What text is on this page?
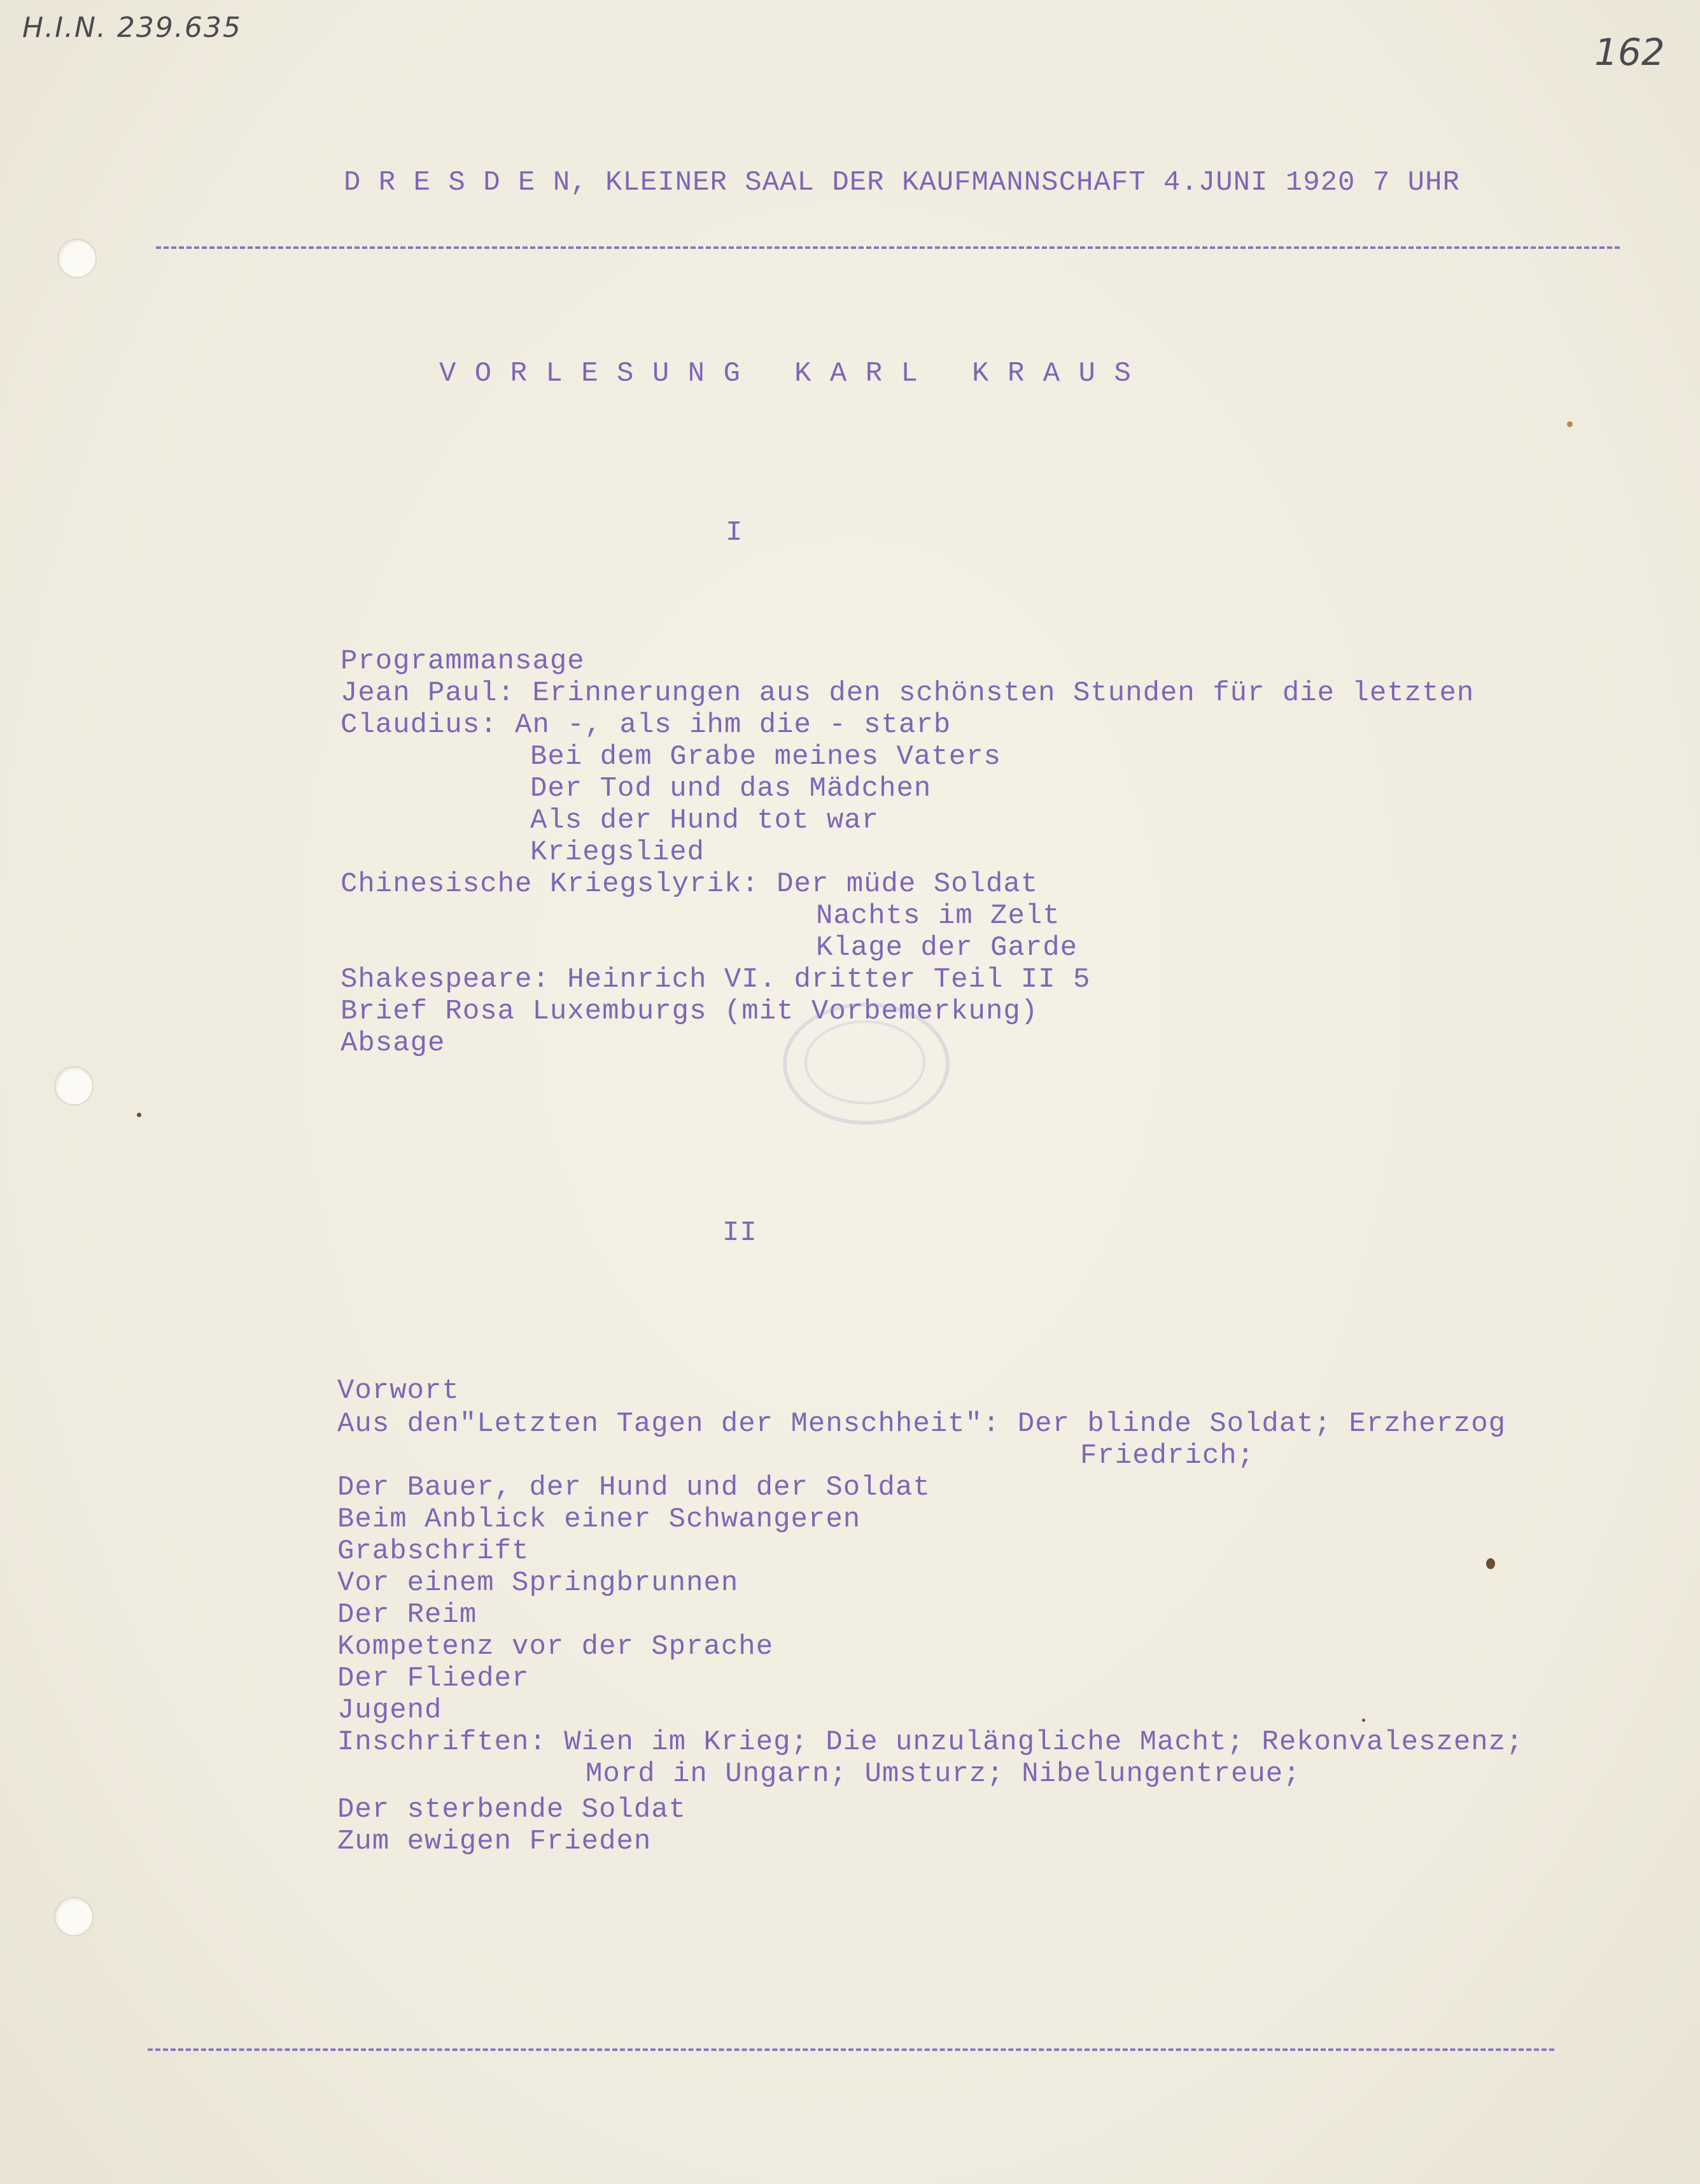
H.I.N. 239.635
162
D R E S D E N, KLEINER SAAL DER KAUFMANNSCHAFT 4.JUNI 1920 7 UHR
V O R L E S U N G   K A R L   K R A U S
I
Programmansage
Jean Paul: Erinnerungen aus den schönsten Stunden für die letzten
Claudius: An -, als ihm die - starb
Bei dem Grabe meines Vaters
Der Tod und das Mädchen
Als der Hund tot war
Kriegslied
Chinesische Kriegslyrik: Der müde Soldat
Nachts im Zelt
Klage der Garde
Shakespeare: Heinrich VI. dritter Teil II 5
Brief Rosa Luxemburgs (mit Vorbemerkung)
Absage
II
Vorwort
Aus den"Letzten Tagen der Menschheit": Der blinde Soldat; Erzherzog
Friedrich;
Der Bauer, der Hund und der Soldat
Beim Anblick einer Schwangeren
Grabschrift
Vor einem Springbrunnen
Der Reim
Kompetenz vor der Sprache
Der Flieder
Jugend
Inschriften: Wien im Krieg; Die unzulängliche Macht; Rekonvaleszenz;
Mord in Ungarn; Umsturz; Nibelungentreue;
Der sterbende Soldat
Zum ewigen Frieden
